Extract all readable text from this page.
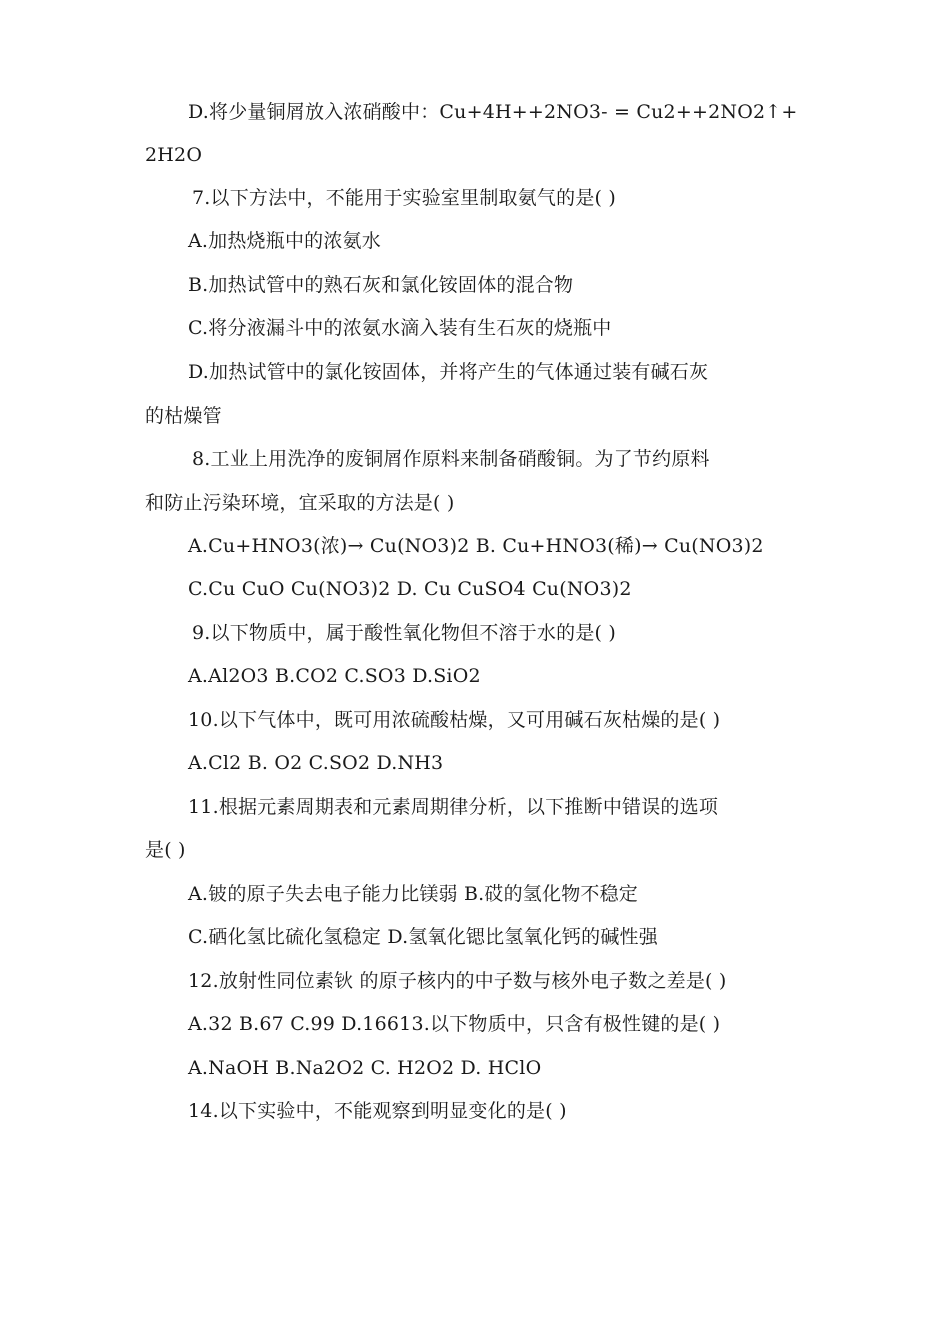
D.将少量铜屑放入浓硝酸中：Cu+4H++2NO3- = Cu2++2NO2↑+
2H2O
7.以下方法中，不能用于实验室里制取氨气的是( )
A.加热烧瓶中的浓氨水
B.加热试管中的熟石灰和氯化铵固体的混合物
C.将分液漏斗中的浓氨水滴入装有生石灰的烧瓶中
D.加热试管中的氯化铵固体，并将产生的气体通过装有碱石灰
的枯燥管
8.工业上用洗净的废铜屑作原料来制备硝酸铜。为了节约原料
和防止污染环境，宜采取的方法是( )
A.Cu+HNO3(浓)→ Cu(NO3)2 B. Cu+HNO3(稀)→ Cu(NO3)2
C.Cu CuO Cu(NO3)2 D. Cu CuSO4 Cu(NO3)2
9.以下物质中，属于酸性氧化物但不溶于水的是( )
A.Al2O3 B.CO2 C.SO3 D.SiO2
10.以下气体中，既可用浓硫酸枯燥，又可用碱石灰枯燥的是( )
A.Cl2 B. O2 C.SO2 D.NH3
11.根据元素周期表和元素周期律分析，以下推断中错误的选项
是( )
A.铍的原子失去电子能力比镁弱 B.砹的氢化物不稳定
C.硒化氢比硫化氢稳定 D.氢氧化锶比氢氧化钙的碱性强
12.放射性同位素钬 的原子核内的中子数与核外电子数之差是( )
A.32 B.67 C.99 D.16613.以下物质中，只含有极性键的是( )
A.NaOH B.Na2O2 C. H2O2 D. HClO
14.以下实验中，不能观察到明显变化的是( )
